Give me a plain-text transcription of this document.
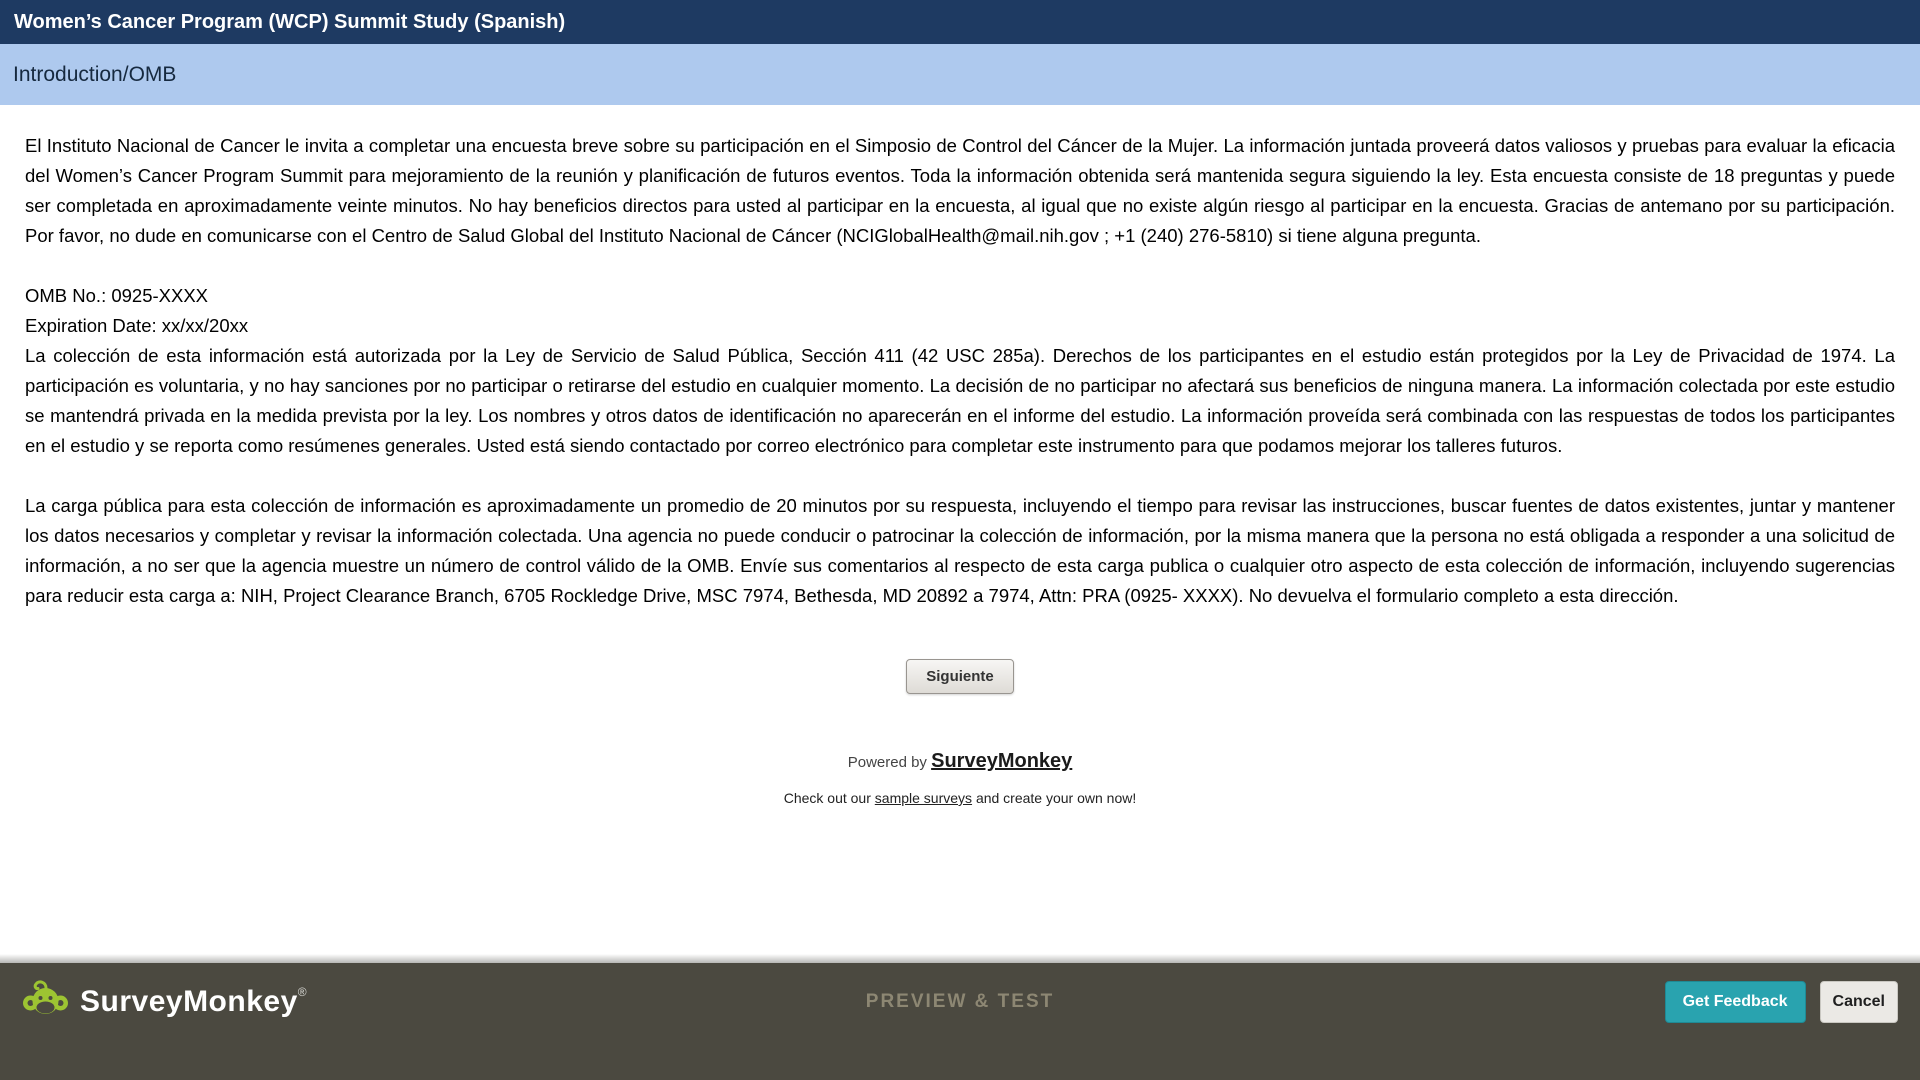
Women’s Cancer Program (WCP) Summit Study (Spanish)
Introduction/OMB
El Instituto Nacional de Cancer le invita a completar una encuesta breve sobre su participación en el Simposio de Control del Cáncer de la Mujer. La información juntada proveerá datos valiosos y pruebas para evaluar la eficacia del Women’s Cancer Program Summit para mejoramiento de la reunión y planificación de futuros eventos. Toda la información obtenida será mantenida segura siguiendo la ley. Esta encuesta consiste de 18 preguntas y puede ser completada en aproximadamente veinte minutos. No hay beneficios directos para usted al participar en la encuesta, al igual que no existe algún riesgo al participar en la encuesta. Gracias de antemano por su participación. Por favor, no dude en comunicarse con el Centro de Salud Global del Instituto Nacional de Cáncer (NCIGlobalHealth@mail.nih.gov ; +1 (240) 276-5810) si tiene alguna pregunta.
OMB No.: 0925-XXXX
Expiration Date: xx/xx/20xx
La colección de esta información está autorizada por la Ley de Servicio de Salud Pública, Sección 411 (42 USC 285a). Derechos de los participantes en el estudio están protegidos por la Ley de Privacidad de 1974. La participación es voluntaria, y no hay sanciones por no participar o retirarse del estudio en cualquier momento. La decisión de no participar no afectará sus beneficios de ninguna manera. La información colectada por este estudio se mantendrá privada en la medida prevista por la ley. Los nombres y otros datos de identificación no aparecerán en el informe del estudio. La información proveída será combinada con las respuestas de todos los participantes en el estudio y se reporta como resúmenes generales. Usted está siendo contactado por correo electrónico para completar este instrumento para que podamos mejorar los talleres futuros.
La carga pública para esta colección de información es aproximadamente un promedio de 20 minutos por su respuesta, incluyendo el tiempo para revisar las instrucciones, buscar fuentes de datos existentes, juntar y mantener los datos necesarios y completar y revisar la información colectada. Una agencia no puede conducir o patrocinar la colección de información, por la misma manera que la persona no está obligada a responder a una solicitud de información, a no ser que la agencia muestre un número de control válido de la OMB. Envíe sus comentarios al respecto de esta carga publica o cualquier otro aspecto de esta colección de información, incluyendo sugerencias para reducir esta carga a: NIH, Project Clearance Branch, 6705 Rockledge Drive, MSC 7974, Bethesda, MD 20892 a 7974, Attn: PRA (0925- XXXX). No devuelva el formulario completo a esta dirección.
Siguiente
Powered by SurveyMonkey
Check out our sample surveys and create your own now!
SurveyMonkey®	PREVIEW & TEST	Get Feedback	Cancel
